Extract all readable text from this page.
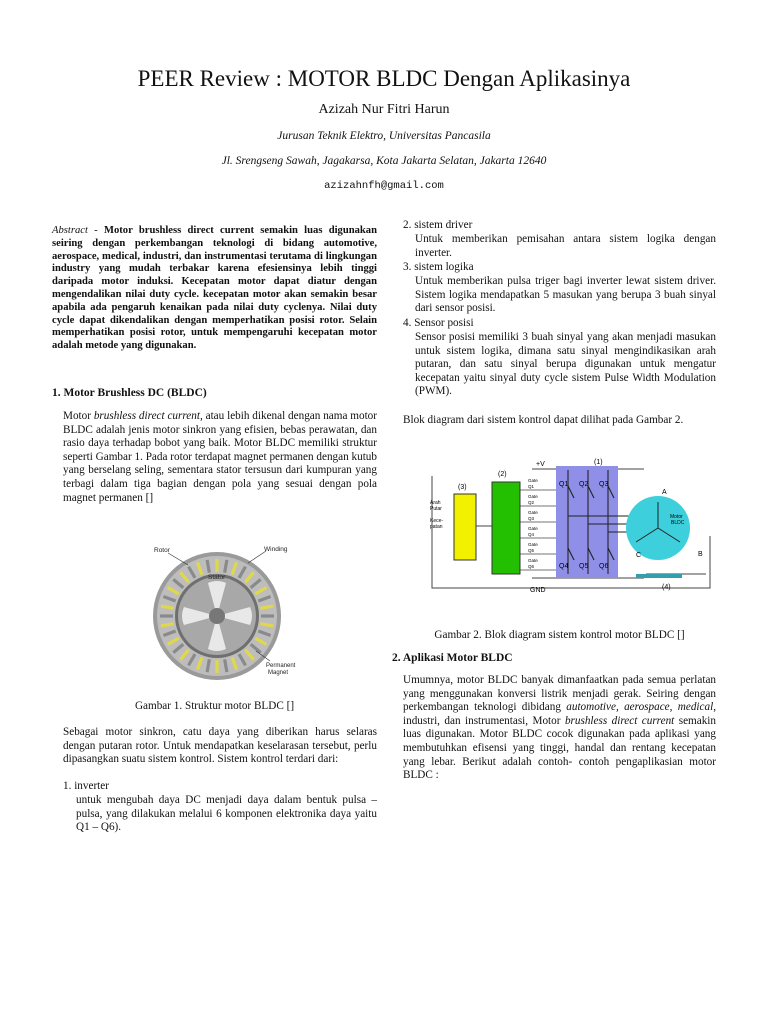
PEER Review : MOTOR BLDC Dengan Aplikasinya
Azizah Nur Fitri Harun
Jurusan Teknik Elektro, Universitas Pancasila
Jl. Srengseng Sawah, Jagakarsa, Kota Jakarta Selatan, Jakarta 12640
azizahnfh@gmail.com
Abstract - Motor brushless direct current semakin luas digunakan seiring dengan perkembangan teknologi di bidang automotive, aerospace, medical, industri, dan instrumentasi terutama di lingkungan industry yang mudah terbakar karena efesiensinya lebih tinggi daripada motor induksi. Kecepatan motor dapat diatur dengan mengendalikan nilai duty cycle. kecepatan motor akan semakin besar apabila ada pengaruh kenaikan pada nilai duty cyclenya. Nilai duty cycle dapat dikendalikan dengan memperhatikan posisi rotor. Selain memperhatikan posisi rotor, untuk mempengaruhi kecepatan motor adalah metode yang digunakan.
1. Motor Brushless DC (BLDC)
Motor brushless direct current, atau lebih dikenal dengan nama motor BLDC adalah jenis motor sinkron yang efisien, bebas perawatan, dan rasio daya terhadap bobot yang baik. Motor BLDC memiliki struktur seperti Gambar 1. Pada rotor terdapat magnet permanen dengan kutub yang berselang seling, sementara stator tersusun dari kumpuran yang terbagi dalam tiga bagian dengan pola yang sesuai dengan pola magnet permanen []
Rotor	Winding
Stator
Permanent
Magnet
Gambar 1. Struktur motor BLDC []
Sebagai motor sinkron, catu daya yang diberikan harus selaras dengan putaran rotor. Untuk mendapatkan keselarasan tersebut, perlu dipasangkan suatu sistem kontrol. Sistem kontrol terdari dari:
1. inverter
untuk mengubah daya DC menjadi daya dalam bentuk pulsa – pulsa, yang dilakukan melalui 6 komponen elektronika daya yaitu Q1 – Q6).
2. sistem driver
Untuk memberikan pemisahan antara sistem logika dengan inverter.
3. sistem logika
Untuk memberikan pulsa triger bagi inverter lewat sistem driver. Sistem logika mendapatkan 5 masukan yang berupa 3 buah sinyal dari sensor posisi.
4. Sensor posisi
Sensor posisi memiliki 3 buah sinyal yang akan menjadi masukan untuk sistem logika, dimana satu sinyal mengindikasikan arah putaran, dan satu sinyal berupa digunakan untuk mengatur kecepatan yaitu sinyal duty cycle sistem Pulse Width Modulation (PWM).
Blok diagram dari sistem kontrol dapat dilihat pada Gambar 2.
(3)
Arah
Putar
Kece-
patan
(2)
+V	(1)
Gate
Q1
Gate
Q2
Gate
Q3
Gate
Q4
Gate
Q5
Gate
Q6
Q1 Q2 Q3
Q4 Q5 Q6
Motor
BLDC
A
B
C
(4)
GND
Gambar 2. Blok diagram sistem kontrol motor BLDC []
2. Aplikasi Motor BLDC
Umumnya, motor BLDC banyak dimanfaatkan pada semua perlatan yang menggunakan konversi listrik menjadi gerak. Seiring dengan perkembangan teknologi dibidang automotive, aerospace, medical, industri, dan instrumentasi, Motor brushless direct current semakin luas digunakan. Motor BLDC cocok digunakan pada aplikasi yang membutuhkan efisensi yang tinggi, handal dan rentang kecepatan yang lebar. Berikut adalah contoh- contoh pengaplikasian motor BLDC :
